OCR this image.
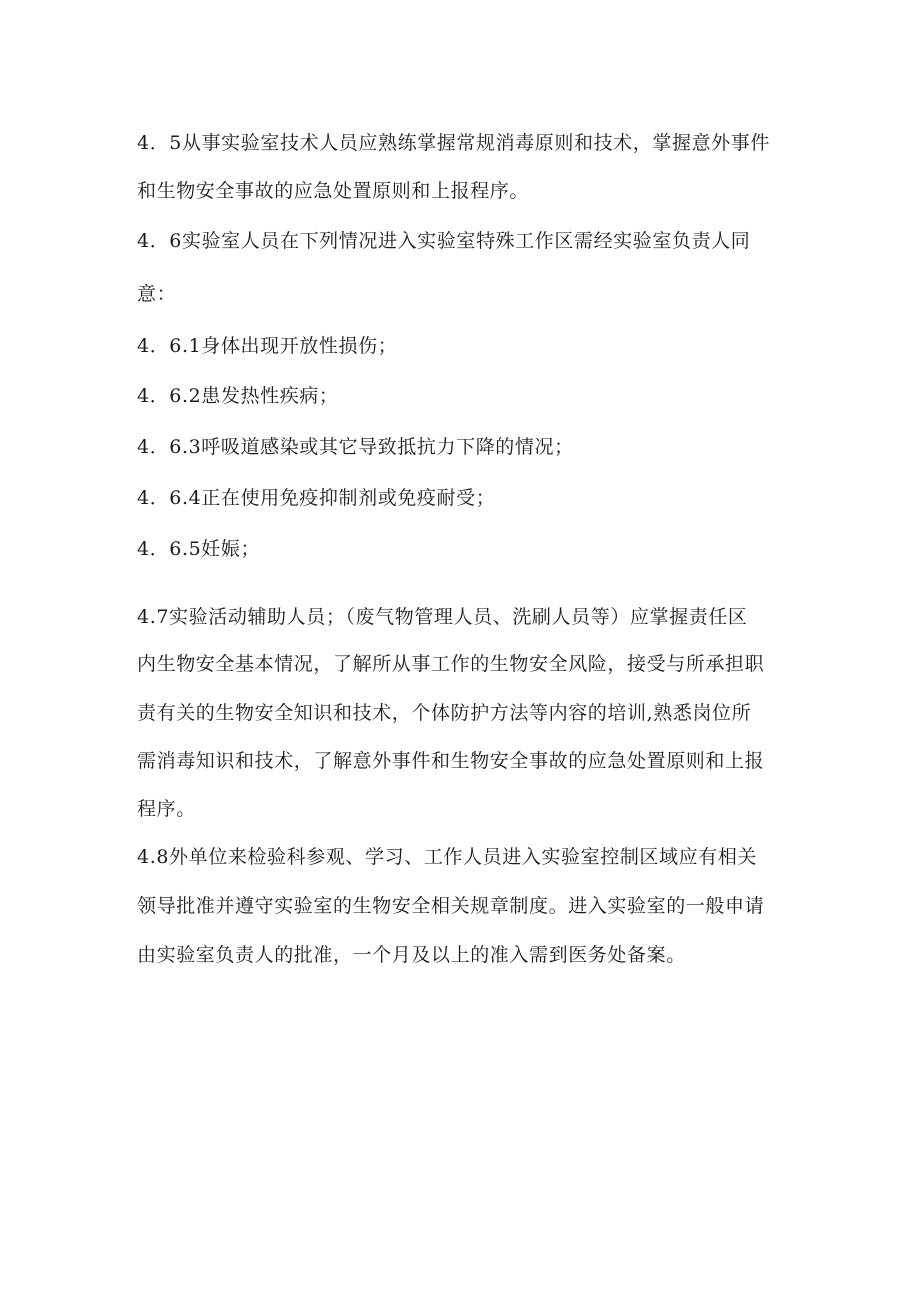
4．5从事实验室技术人员应熟练掌握常规消毒原则和技术，掌握意外事件
和生物安全事故的应急处置原则和上报程序。
4．6实验室人员在下列情况进入实验室特殊工作区需经实验室负责人同
意：
4．6.1身体出现开放性损伤；
4．6.2患发热性疾病；
4．6.3呼吸道感染或其它导致抵抗力下降的情况；
4．6.4正在使用免疫抑制剂或免疫耐受；
4．6.5妊娠；
4.7实验活动辅助人员；（废气物管理人员、洗刷人员等）应掌握责任区
内生物安全基本情况，了解所从事工作的生物安全风险，接受与所承担职
责有关的生物安全知识和技术，个体防护方法等内容的培训,熟悉岗位所
需消毒知识和技术，了解意外事件和生物安全事故的应急处置原则和上报
程序。
4.8外单位来检验科参观、学习、工作人员进入实验室控制区域应有相关
领导批准并遵守实验室的生物安全相关规章制度。进入实验室的一般申请
由实验室负责人的批准，一个月及以上的准入需到医务处备案。
